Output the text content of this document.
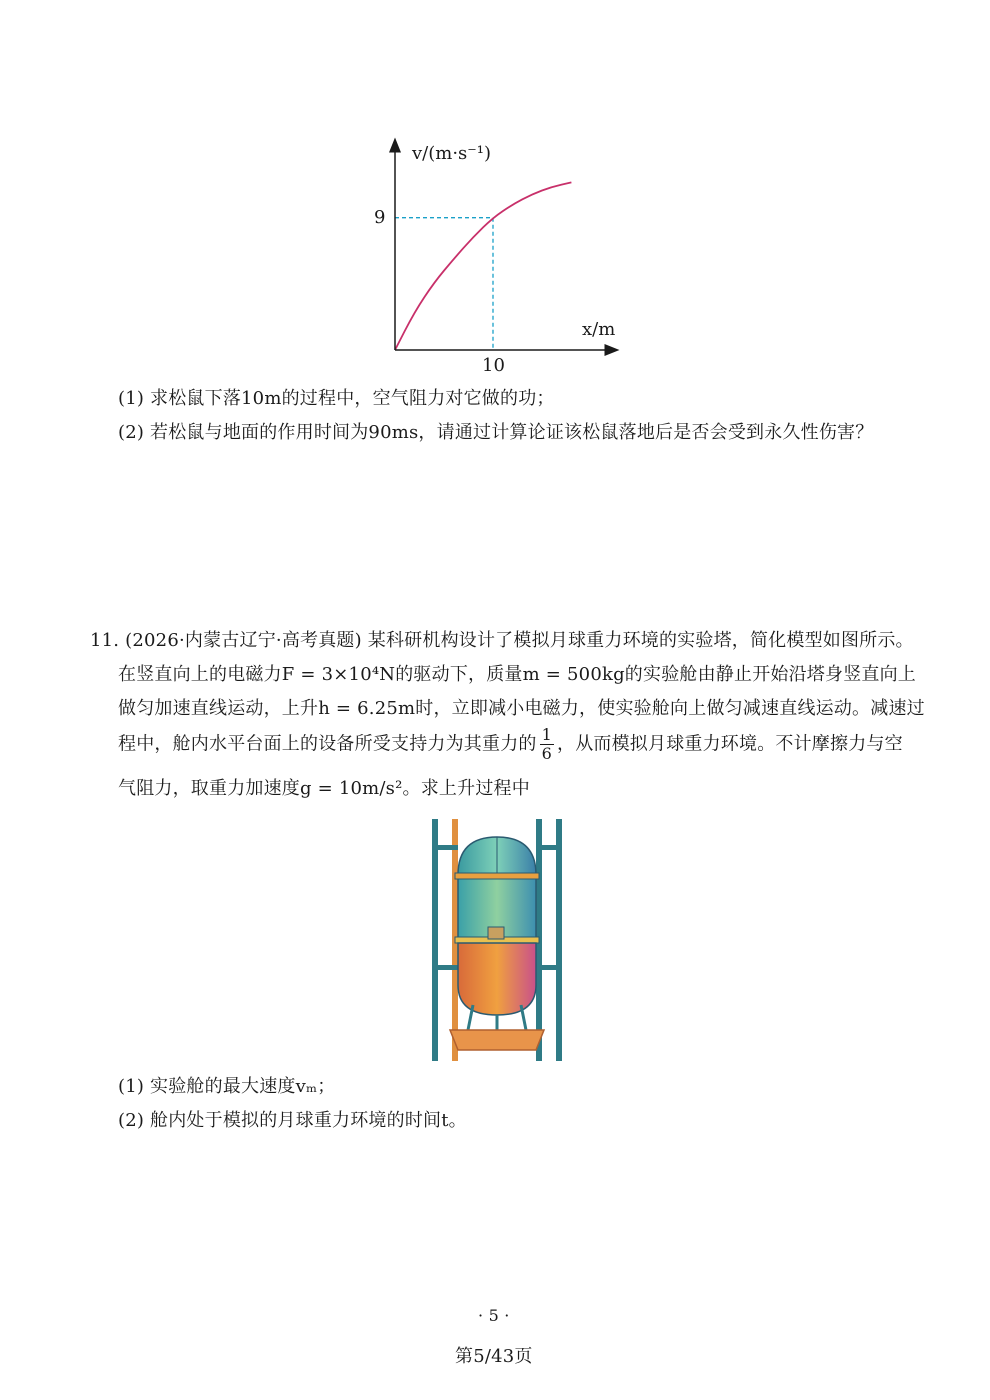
v/(m·s⁻¹)
x/m
9
10
(1) 求松鼠下落10m的过程中，空气阻力对它做的功；
(2) 若松鼠与地面的作用时间为90ms，请通过计算论证该松鼠落地后是否会受到永久性伤害？
11. (2026·内蒙古辽宁·高考真题) 某科研机构设计了模拟月球重力环境的实验塔，简化模型如图所示。
在竖直向上的电磁力F = 3×10⁴N的驱动下，质量m = 500kg的实验舱由静止开始沿塔身竖直向上
做匀加速直线运动，上升h = 6.25m时，立即减小电磁力，使实验舱向上做匀减速直线运动。减速过
程中，舱内水平台面上的设备所受支持力为其重力的 $\frac{1}{6}$ ，从而模拟月球重力环境。不计摩擦力与空
气阻力，取重力加速度g = 10m/s²。求上升过程中
(1) 实验舱的最大速度vₘ；
(2) 舱内处于模拟的月球重力环境的时间t。
· 5 ·
第5/43页
